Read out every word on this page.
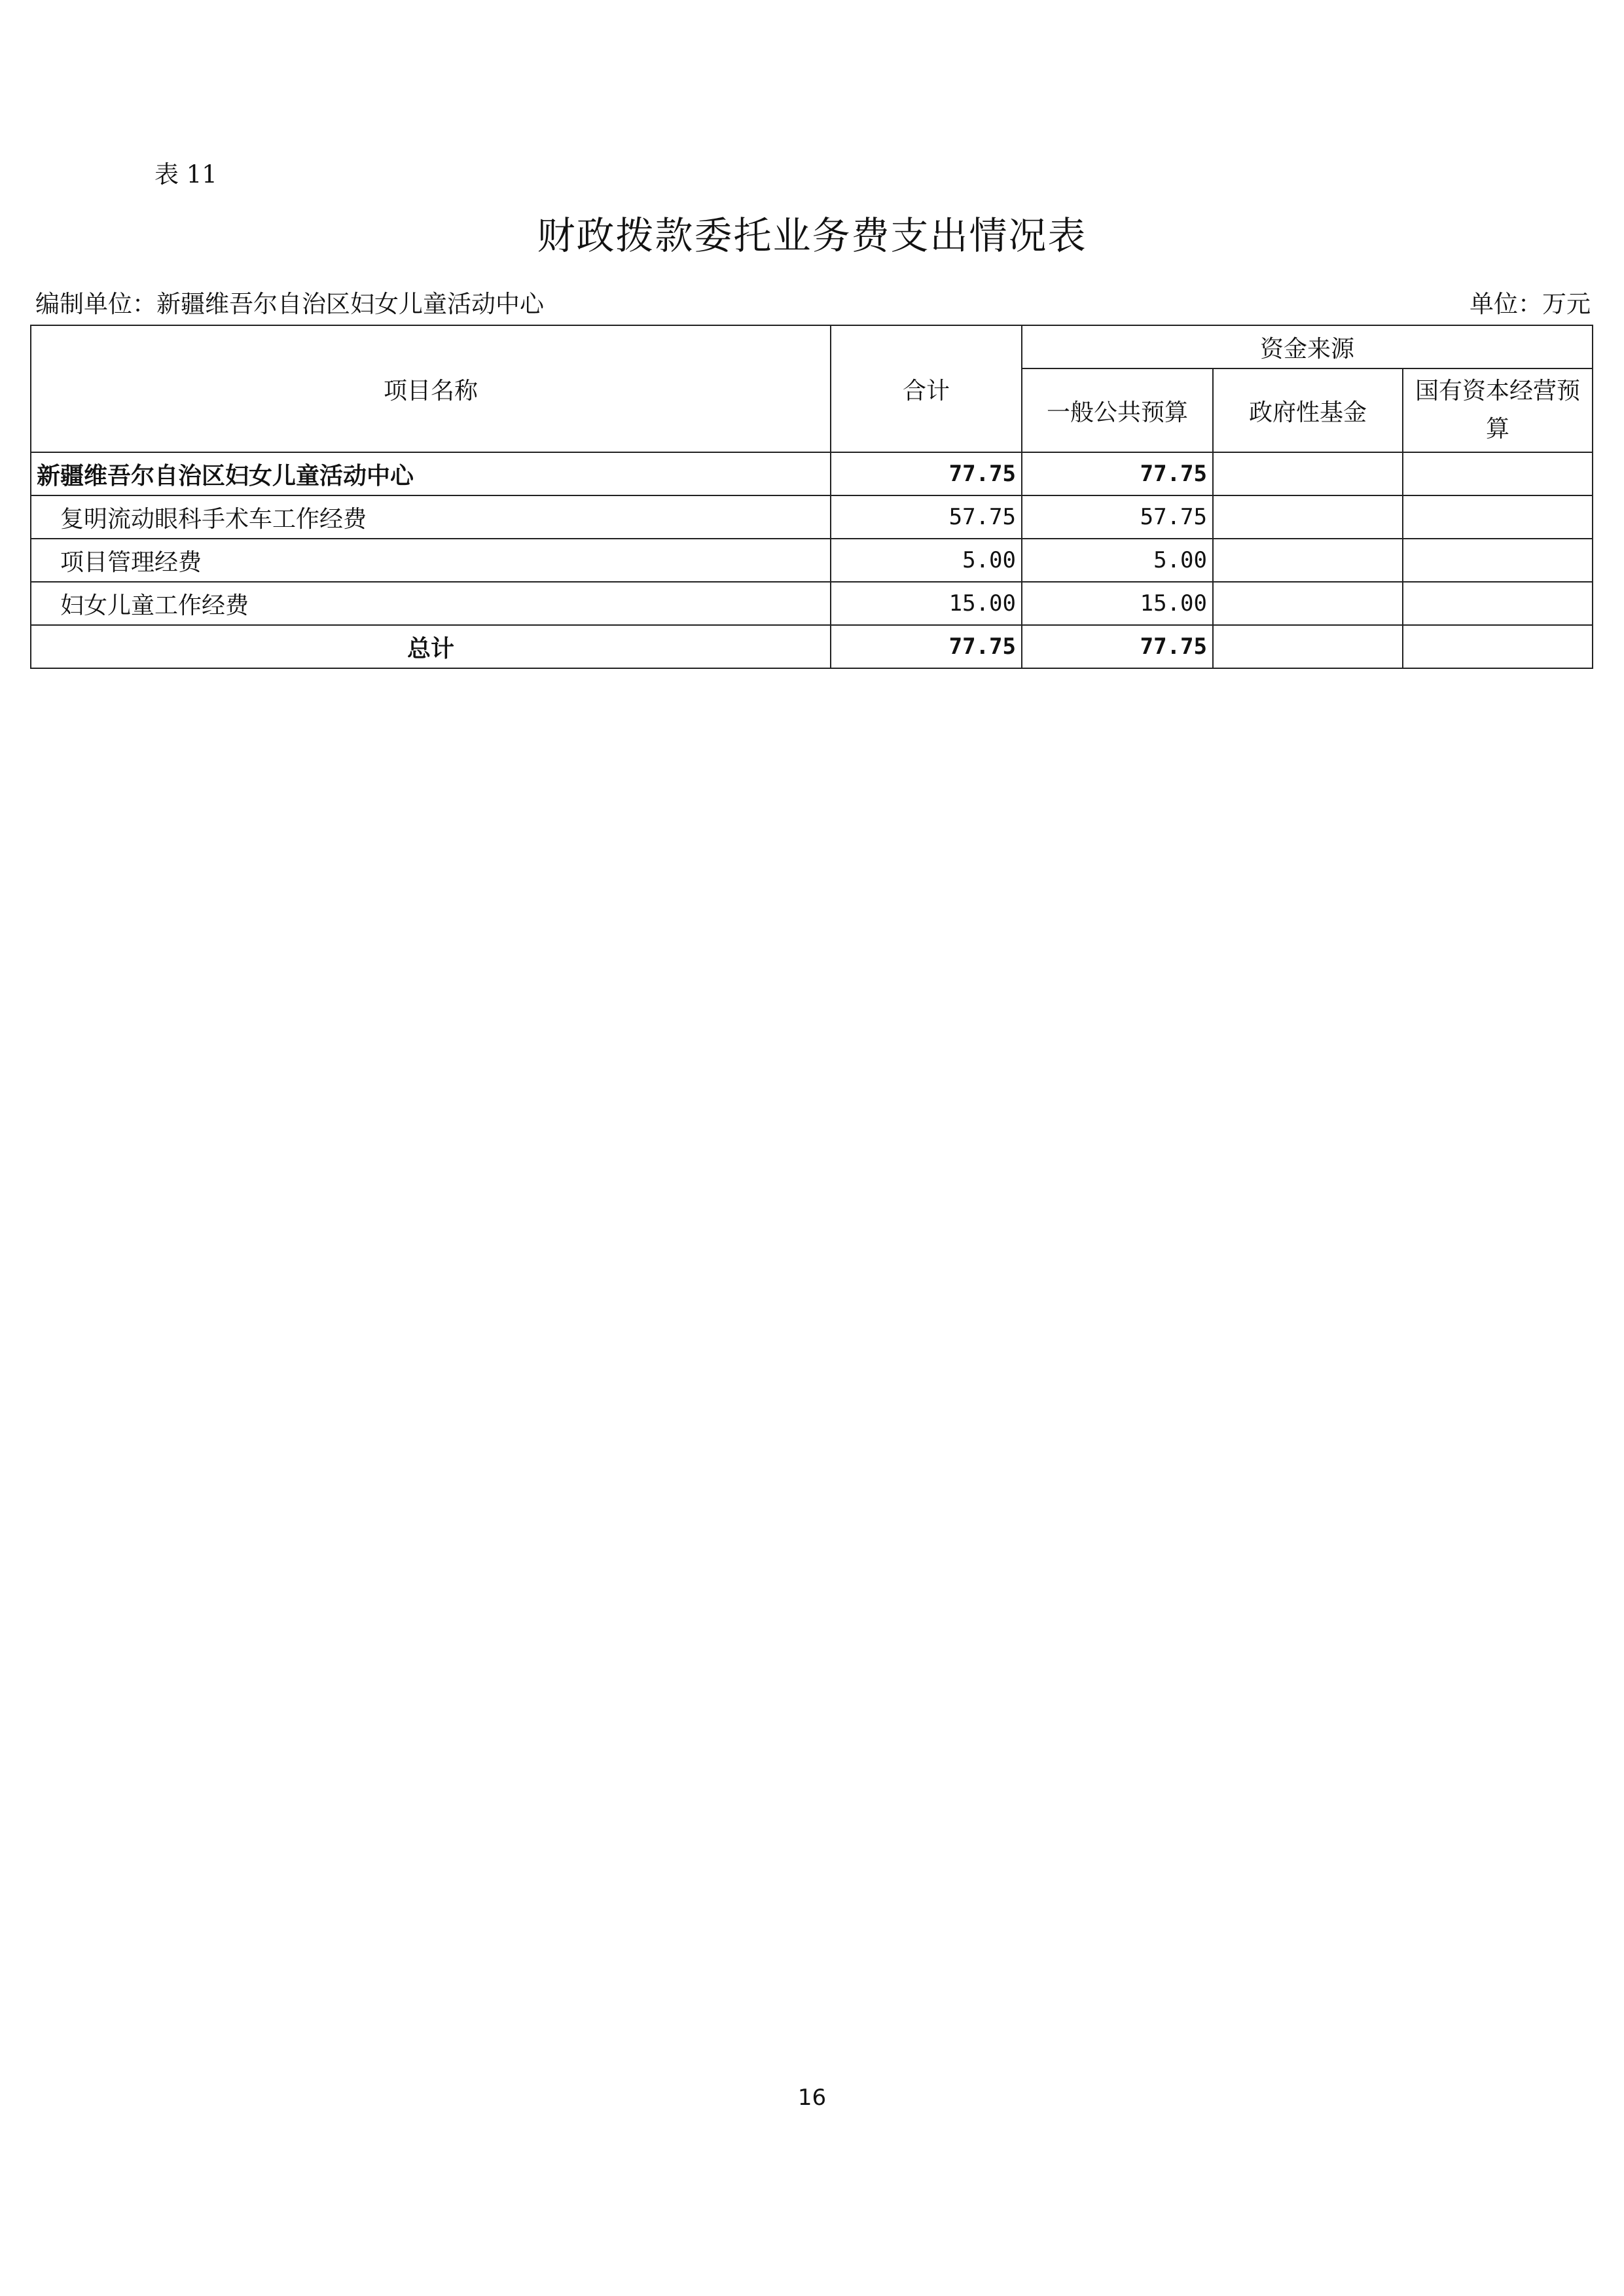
表 11
财政拨款委托业务费支出情况表
编制单位：新疆维吾尔自治区妇女儿童活动中心	单位：万元
项目名称	合计	资金来源		
		一般公共预算	政府性基金	国有资本经营预算
新疆维吾尔自治区妇女儿童活动中心	77.75	77.75		
复明流动眼科手术车工作经费	57.75	57.75		
项目管理经费	5.00	5.00		
妇女儿童工作经费	15.00	15.00		
总计	77.75	77.75		
16
